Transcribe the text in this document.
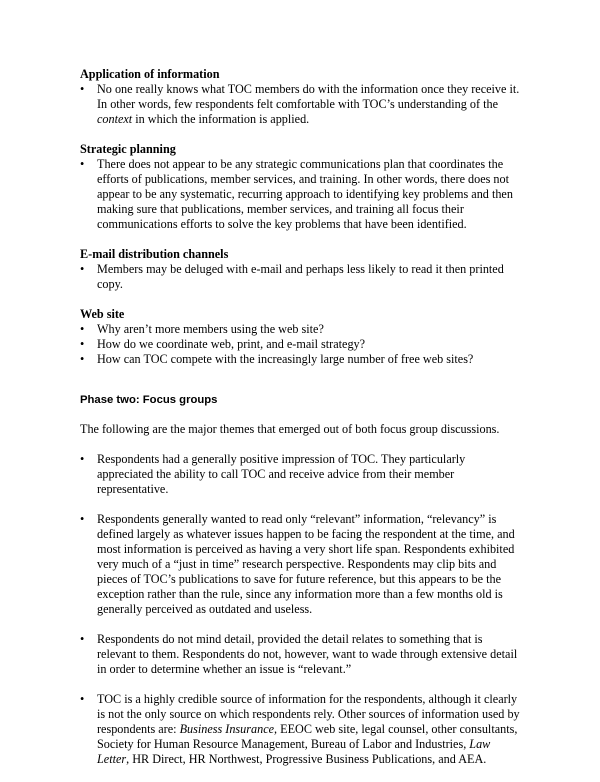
Application of information

• No one really knows what TOC members do with the information once they receive it. In other words, few respondents felt comfortable with TOC’s understanding of the context in which the information is applied.

Strategic planning

• There does not appear to be any strategic communications plan that coordinates the efforts of publications, member services, and training. In other words, there does not appear to be any systematic, recurring approach to identifying key problems and then making sure that publications, member services, and training all focus their communications efforts to solve the key problems that have been identified.

E-mail distribution channels

• Members may be deluged with e-mail and perhaps less likely to read it then printed copy.

Web site

• Why aren’t more members using the web site?
• How do we coordinate web, print, and e-mail strategy?
• How can TOC compete with the increasingly large number of free web sites?

Phase two: Focus groups

The following are the major themes that emerged out of both focus group discussions.

• Respondents had a generally positive impression of TOC. They particularly appreciated the ability to call TOC and receive advice from their member representative.
• Respondents generally wanted to read only “relevant” information, “relevancy” is defined largely as whatever issues happen to be facing the respondent at the time, and most information is perceived as having a very short life span. Respondents exhibited very much of a “just in time” research perspective. Respondents may clip bits and pieces of TOC’s publications to save for future reference, but this appears to be the exception rather than the rule, since any information more than a few months old is generally perceived as outdated and useless.
• Respondents do not mind detail, provided the detail relates to something that is relevant to them. Respondents do not, however, want to wade through extensive detail in order to determine whether an issue is “relevant.”
• TOC is a highly credible source of information for the respondents, although it clearly is not the only source on which respondents rely. Other sources of information used by respondents are: Business Insurance, EEOC web site, legal counsel, other consultants, Society for Human Resource Management, Bureau of Labor and Industries, Law Letter, HR Direct, HR Northwest, Progressive Business Publications, and AEA.
